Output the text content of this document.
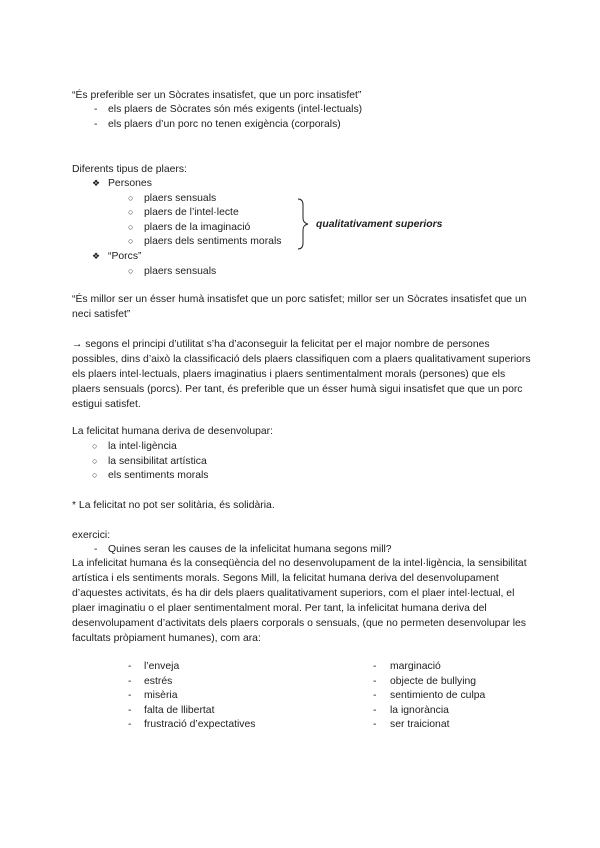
“És preferible ser un Sòcrates insatisfet, que un porc insatisfet”
- els plaers de Sòcrates són més exigents (intel·lectuals)
- els plaers d’un porc no tenen exigència (corporals)
Diferents tipus de plaers:
❖ Persones
○ plaers sensuals
○ plaers de l’intel·lecte
○ plaers de la imaginació
○ plaers dels sentiments morals
qualitativament superiors
❖ “Porcs”
○ plaers sensuals
“És millor ser un ésser humà insatisfet que un porc satisfet; millor ser un Sòcrates insatisfet que un neci satisfet”
→ segons el principi d’utilitat s’ha d’aconseguir la felicitat per el major nombre de persones possibles, dins d’això la classificació dels plaers classifiquen com a plaers qualitativament superiors els plaers intel·lectuals, plaers imaginatius i plaers sentimentalment morals (persones) que els plaers sensuals (porcs). Per tant, és preferible que un ésser humà sigui insatisfet que que un porc estigui satisfet.
La felicitat humana deriva de desenvolupar:
○ la intel·ligència
○ la sensibilitat artística
○ els sentiments morals
* La felicitat no pot ser solitària, és solidària.
exercici:
- Quines seran les causes de la infelicitat humana segons mill?
La infelicitat humana és la conseqüència del no desenvolupament de la intel·ligència, la sensibilitat artística i els sentiments morals. Segons Mill, la felicitat humana deriva del desenvolupament d’aquestes activitats, és ha dir dels plaers qualitativament superiors, com el plaer intel·lectual, el plaer imaginatiu o el plaer sentimentalment moral. Per tant, la infelicitat humana deriva del desenvolupament d’activitats dels plaers corporals o sensuals, (que no permeten desenvolupar les facultats pròpiament humanes), com ara:
- l’enveja
- estrés
- misèria
- falta de llibertat
- frustració d’expectatives
- marginació
- objecte de bullying
- sentimiento de culpa
- la ignorància
- ser traicionat
